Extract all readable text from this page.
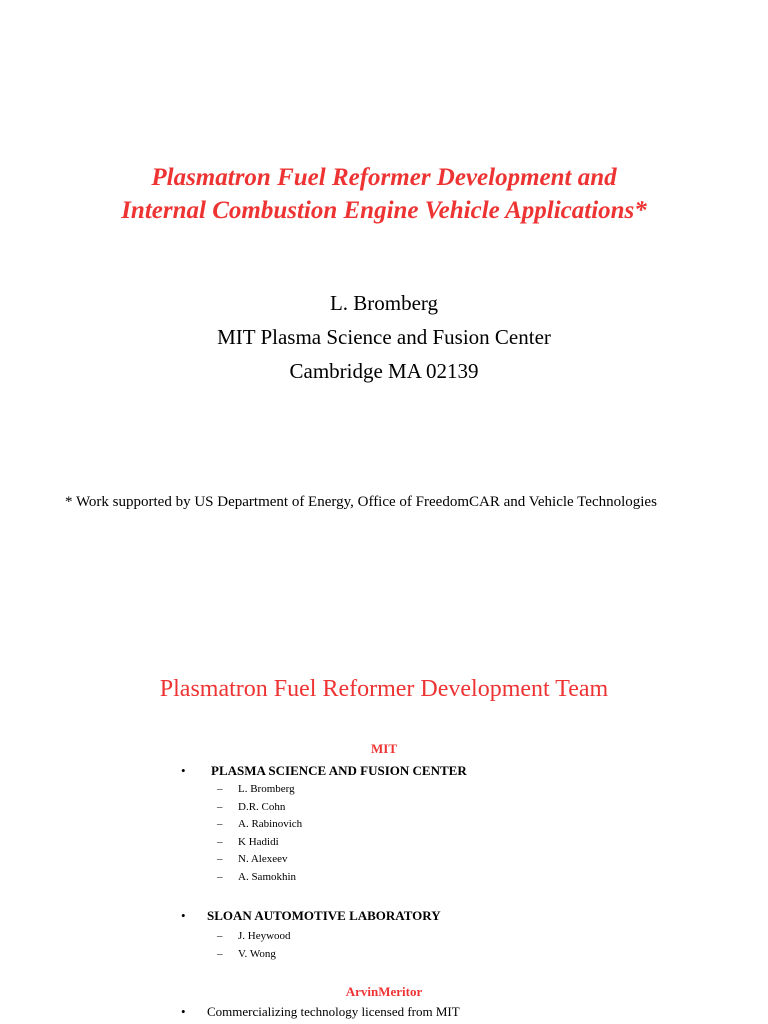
Plasmatron Fuel Reformer Development and
Internal Combustion Engine Vehicle Applications*
L. Bromberg
MIT Plasma Science and Fusion Center
Cambridge MA 02139
* Work supported by US Department of Energy, Office of FreedomCAR and Vehicle Technologies
Plasmatron Fuel Reformer Development Team
MIT
• PLASMA SCIENCE AND FUSION CENTER
– L. Bromberg
– D.R. Cohn
– A. Rabinovich
– K Hadidi
– N. Alexeev
– A. Samokhin
• SLOAN AUTOMOTIVE LABORATORY
– J. Heywood
– V. Wong
ArvinMeritor
• Commercializing technology licensed from MIT
